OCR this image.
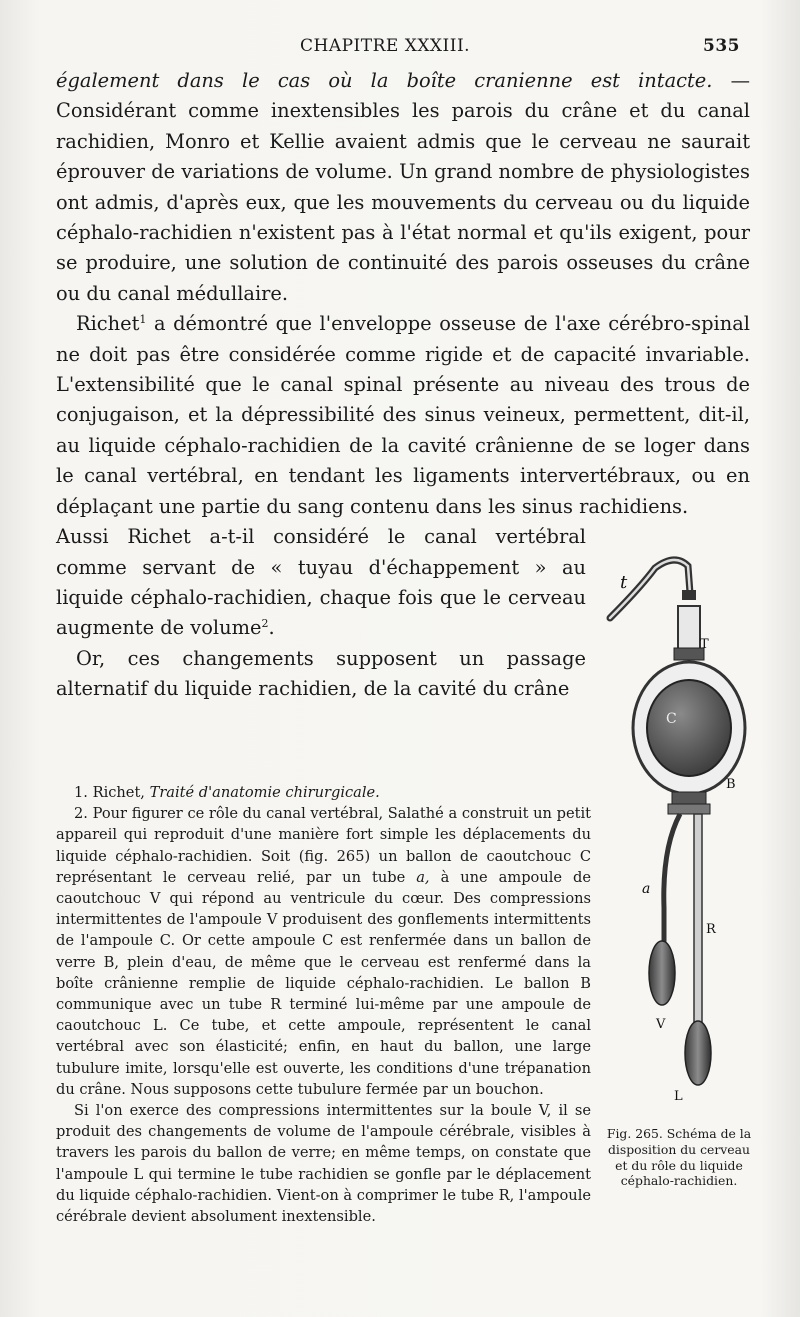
CHAPITRE XXXIII.	535

également dans le cas où la boîte cranienne est intacte. — Considérant comme inextensibles les parois du crâne et du canal rachidien, Monro et Kellie avaient admis que le cerveau ne saurait éprouver de variations de volume. Un grand nombre de physiologistes ont admis, d'après eux, que les mouvements du cerveau ou du liquide céphalo-rachidien n'existent pas à l'état normal et qu'ils exigent, pour se produire, une solution de continuité des parois osseuses du crâne ou du canal médullaire.

Richet$^1$ a démontré que l'enveloppe osseuse de l'axe cérébro-spinal ne doit pas être considérée comme rigide et de capacité invariable. L'extensibilité que le canal spinal présente au niveau des trous de conjugaison, et la dépressibilité des sinus veineux, permettent, dit-il, au liquide céphalo-rachidien de la cavité crânienne de se loger dans le canal vertébral, en tendant les ligaments intervertébraux, ou en déplaçant une partie du sang contenu dans les sinus rachidiens.

Aussi Richet a-t-il considéré le canal vertébral comme servant de « tuyau d'échappement » au liquide céphalo-rachidien, chaque fois que le cerveau augmente de volume$^2$.

Or, ces changements supposent un passage alternatif du liquide rachidien, de la cavité du crâne

1. Richet, Traité d'anatomie chirurgicale.

2. Pour figurer ce rôle du canal vertébral, Salathé a construit un petit appareil qui reproduit d'une manière fort simple les déplacements du liquide céphalo-rachidien. Soit (fig. 265) un ballon de caoutchouc C représentant le cerveau relié, par un tube a, à une ampoule de caoutchouc V qui répond au ventricule du cœur. Des compressions intermittentes de l'ampoule V produisent des gonflements intermittents de l'ampoule C. Or cette ampoule C est renfermée dans un ballon de verre B, plein d'eau, de même que le cerveau est renfermé dans la boîte crânienne remplie de liquide céphalo-rachidien. Le ballon B communique avec un tube R terminé lui-même par une ampoule de caoutchouc L. Ce tube, et cette ampoule, représentent le canal vertébral avec son élasticité; enfin, en haut du ballon, une large tubulure imite, lorsqu'elle est ouverte, les conditions d'une trépanation du crâne. Nous supposons cette tubulure fermée par un bouchon.

Si l'on exerce des compressions intermittentes sur la boule V, il se produit des changements de volume de l'ampoule cérébrale, visibles à travers les parois du ballon de verre; en même temps, on constate que l'ampoule L qui termine le tube rachidien se gonfle par le déplacement du liquide céphalo-rachidien. Vient-on à comprimer le tube R, l'ampoule cérébrale devient absolument inextensible.

t
T
C
B
a
R
V
L
Fig. 265. Schéma de la disposition du cerveau et du rôle du liquide céphalo-rachidien.
